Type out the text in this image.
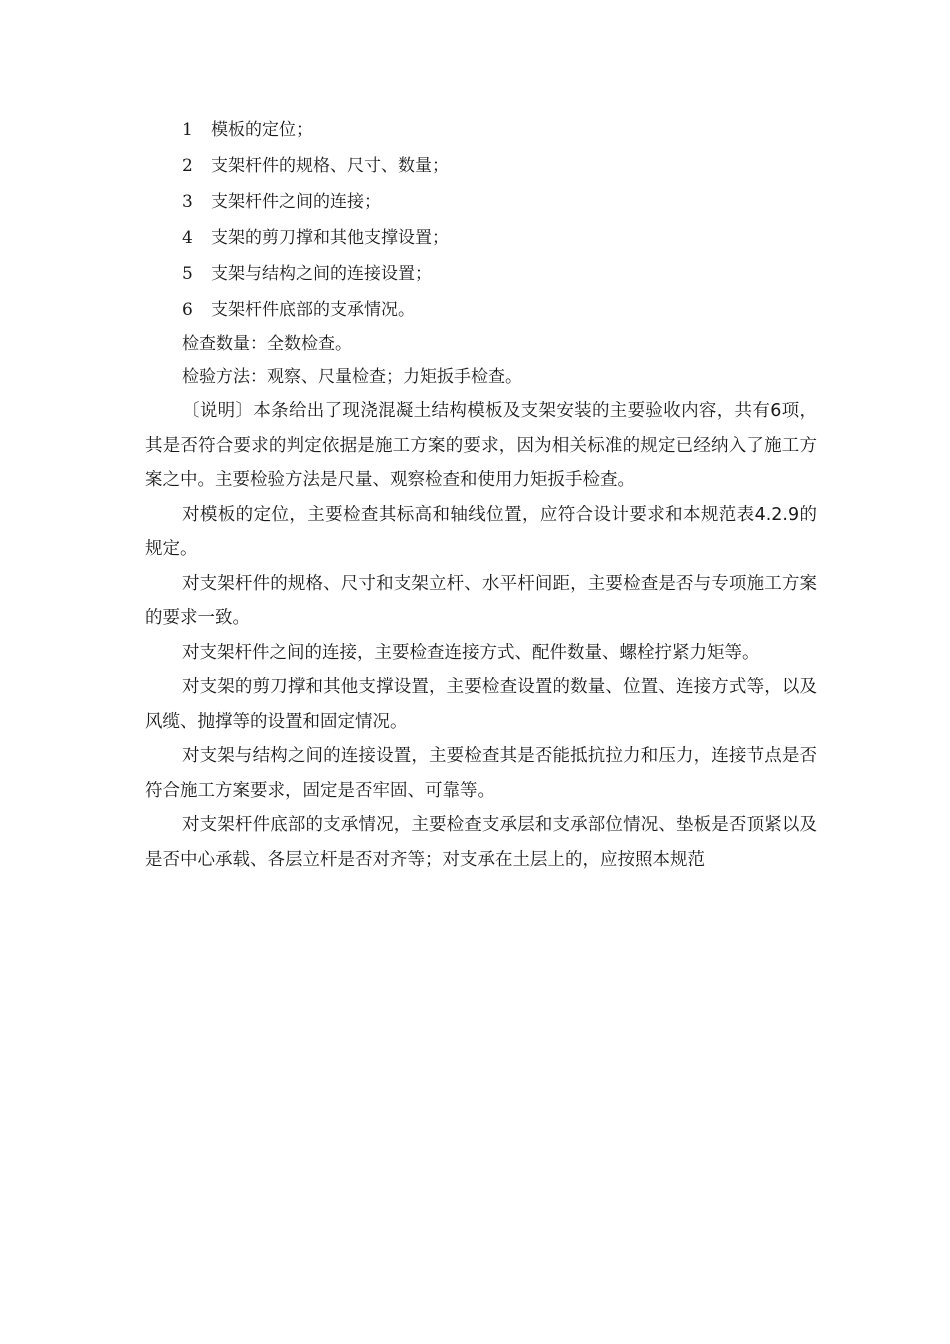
1 模板的定位；
2 支架杆件的规格、尺寸、数量；
3 支架杆件之间的连接；
4 支架的剪刀撑和其他支撑设置；
5 支架与结构之间的连接设置；
6 支架杆件底部的支承情况。
检查数量：全数检查。
检验方法：观察、尺量检查；力矩扳手检查。

〔说明〕本条给出了现浇混凝土结构模板及支架安装的主要验收内容，共有6项，其是否符合要求的判定依据是施工方案的要求，因为相关标准的规定已经纳入了施工方案之中。主要检验方法是尺量、观察检查和使用力矩扳手检查。

对模板的定位，主要检查其标高和轴线位置，应符合设计要求和本规范表4.2.9的规定。

对支架杆件的规格、尺寸和支架立杆、水平杆间距，主要检查是否与专项施工方案的要求一致。

对支架杆件之间的连接，主要检查连接方式、配件数量、螺栓拧紧力矩等。

对支架的剪刀撑和其他支撑设置，主要检查设置的数量、位置、连接方式等，以及风缆、抛撑等的设置和固定情况。

对支架与结构之间的连接设置，主要检查其是否能抵抗拉力和压力，连接节点是否符合施工方案要求，固定是否牢固、可靠等。

对支架杆件底部的支承情况，主要检查支承层和支承部位情况、垫板是否顶紧以及是否中心承载、各层立杆是否对齐等；对支承在土层上的，应按照本规范
